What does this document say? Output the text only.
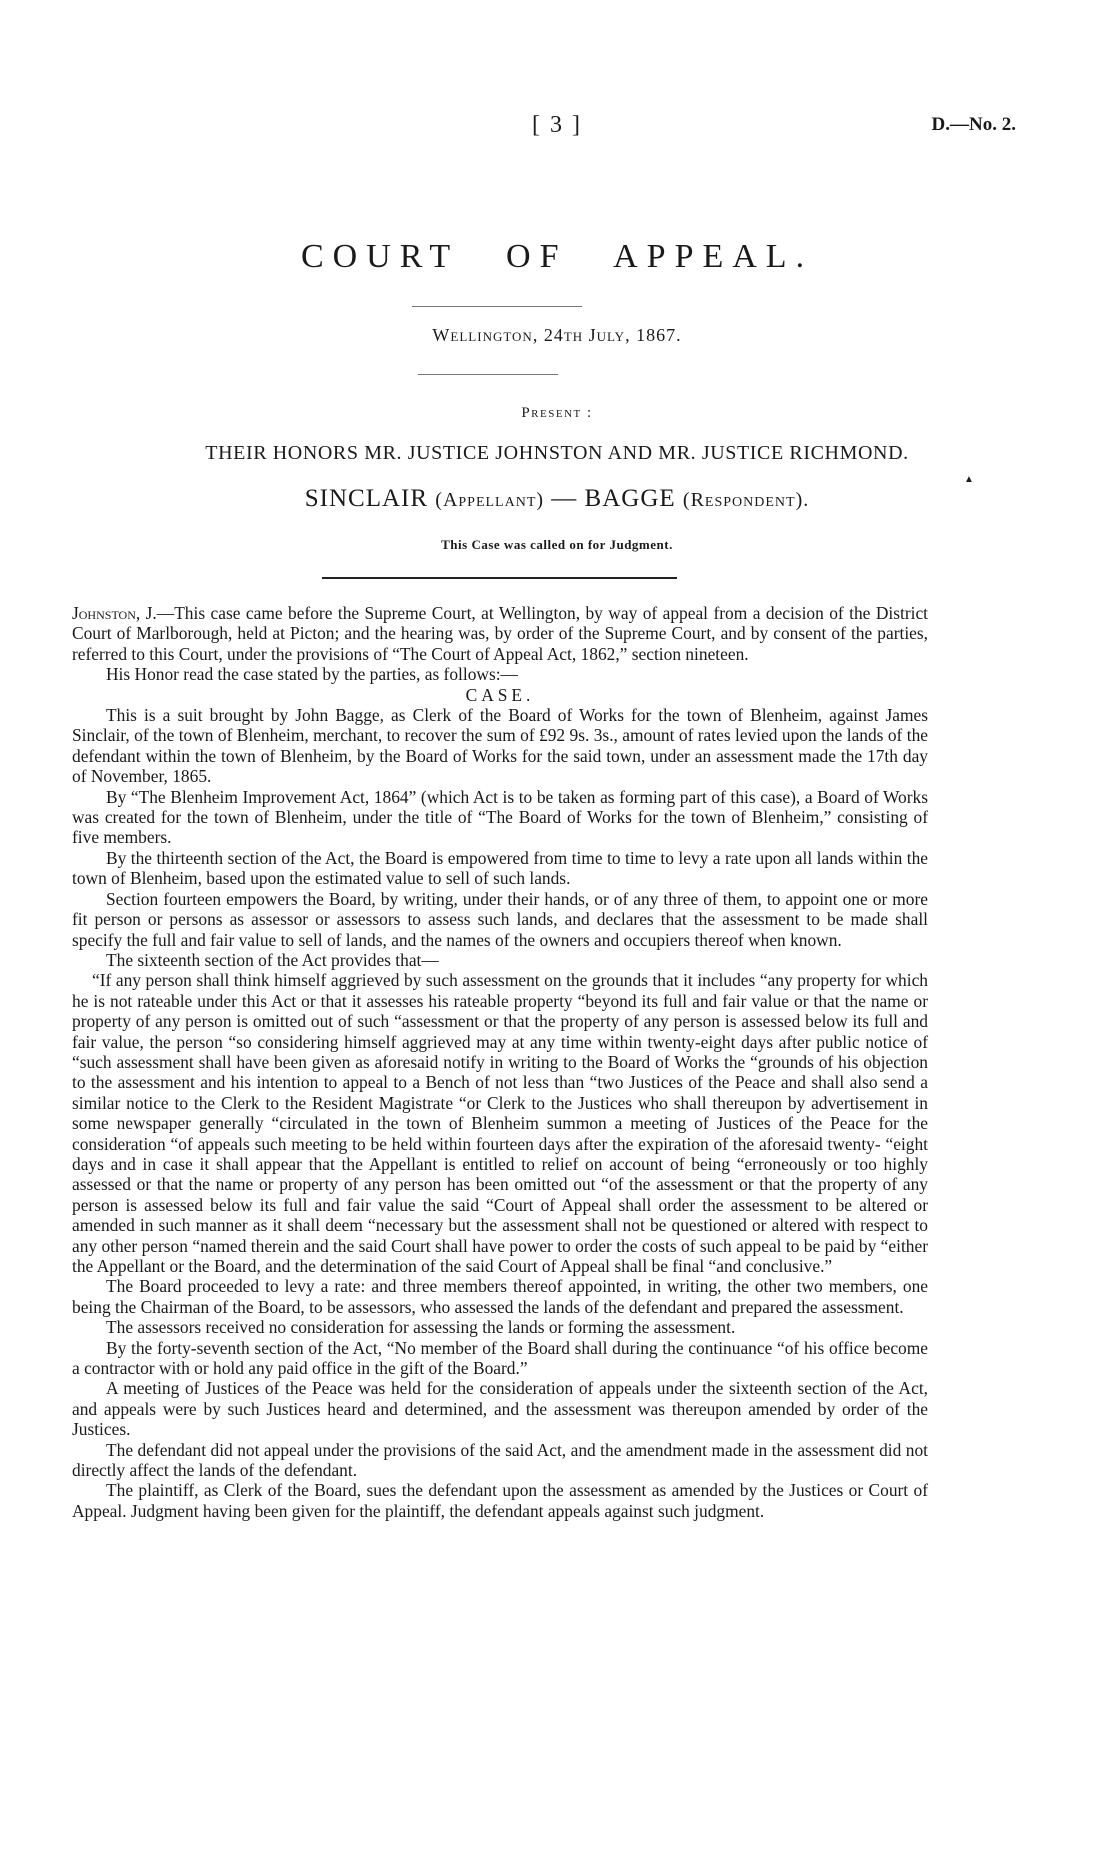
[ 3 ]	D.—No. 2.
COURT OF APPEAL.
Wellington, 24th July, 1867.
Present :
THEIR HONORS MR. JUSTICE JOHNSTON AND MR. JUSTICE RICHMOND.
SINCLAIR (Appellant) — BAGGE (Respondent).
▲
This Case was called on for Judgment.

Johnston, J.—This case came before the Supreme Court, at Wellington, by way of appeal from a decision of the District Court of Marlborough, held at Picton; and the hearing was, by order of the Supreme Court, and by consent of the parties, referred to this Court, under the provisions of “The Court of Appeal Act, 1862,” section nineteen.

His Honor read the case stated by the parties, as follows:—

CASE.

This is a suit brought by John Bagge, as Clerk of the Board of Works for the town of Blenheim, against James Sinclair, of the town of Blenheim, merchant, to recover the sum of £92 9s. 3s., amount of rates levied upon the lands of the defendant within the town of Blenheim, by the Board of Works for the said town, under an assessment made the 17th day of November, 1865.

By “The Blenheim Improvement Act, 1864” (which Act is to be taken as forming part of this case), a Board of Works was created for the town of Blenheim, under the title of “The Board of Works for the town of Blenheim,” consisting of five members.

By the thirteenth section of the Act, the Board is empowered from time to time to levy a rate upon all lands within the town of Blenheim, based upon the estimated value to sell of such lands.

Section fourteen empowers the Board, by writing, under their hands, or of any three of them, to appoint one or more fit person or persons as assessor or assessors to assess such lands, and declares that the assessment to be made shall specify the full and fair value to sell of lands, and the names of the owners and occupiers thereof when known.

The sixteenth section of the Act provides that—

“If any person shall think himself aggrieved by such assessment on the grounds that it includes “any property for which he is not rateable under this Act or that it assesses his rateable property “beyond its full and fair value or that the name or property of any person is omitted out of such “assessment or that the property of any person is assessed below its full and fair value, the person “so considering himself aggrieved may at any time within twenty-eight days after public notice of “such assessment shall have been given as aforesaid notify in writing to the Board of Works the “grounds of his objection to the assessment and his intention to appeal to a Bench of not less than “two Justices of the Peace and shall also send a similar notice to the Clerk to the Resident Magistrate “or Clerk to the Justices who shall thereupon by advertisement in some newspaper generally “circulated in the town of Blenheim summon a meeting of Justices of the Peace for the consideration “of appeals such meeting to be held within fourteen days after the expiration of the aforesaid twenty- “eight days and in case it shall appear that the Appellant is entitled to relief on account of being “erroneously or too highly assessed or that the name or property of any person has been omitted out “of the assessment or that the property of any person is assessed below its full and fair value the said “Court of Appeal shall order the assessment to be altered or amended in such manner as it shall deem “necessary but the assessment shall not be questioned or altered with respect to any other person “named therein and the said Court shall have power to order the costs of such appeal to be paid by “either the Appellant or the Board, and the determination of the said Court of Appeal shall be final “and conclusive.”

The Board proceeded to levy a rate: and three members thereof appointed, in writing, the other two members, one being the Chairman of the Board, to be assessors, who assessed the lands of the defendant and prepared the assessment.

The assessors received no consideration for assessing the lands or forming the assessment.

By the forty-seventh section of the Act, “No member of the Board shall during the continuance “of his office become a contractor with or hold any paid office in the gift of the Board.”

A meeting of Justices of the Peace was held for the consideration of appeals under the sixteenth section of the Act, and appeals were by such Justices heard and determined, and the assessment was thereupon amended by order of the Justices.

The defendant did not appeal under the provisions of the said Act, and the amendment made in the assessment did not directly affect the lands of the defendant.

The plaintiff, as Clerk of the Board, sues the defendant upon the assessment as amended by the Justices or Court of Appeal. Judgment having been given for the plaintiff, the defendant appeals against such judgment.
